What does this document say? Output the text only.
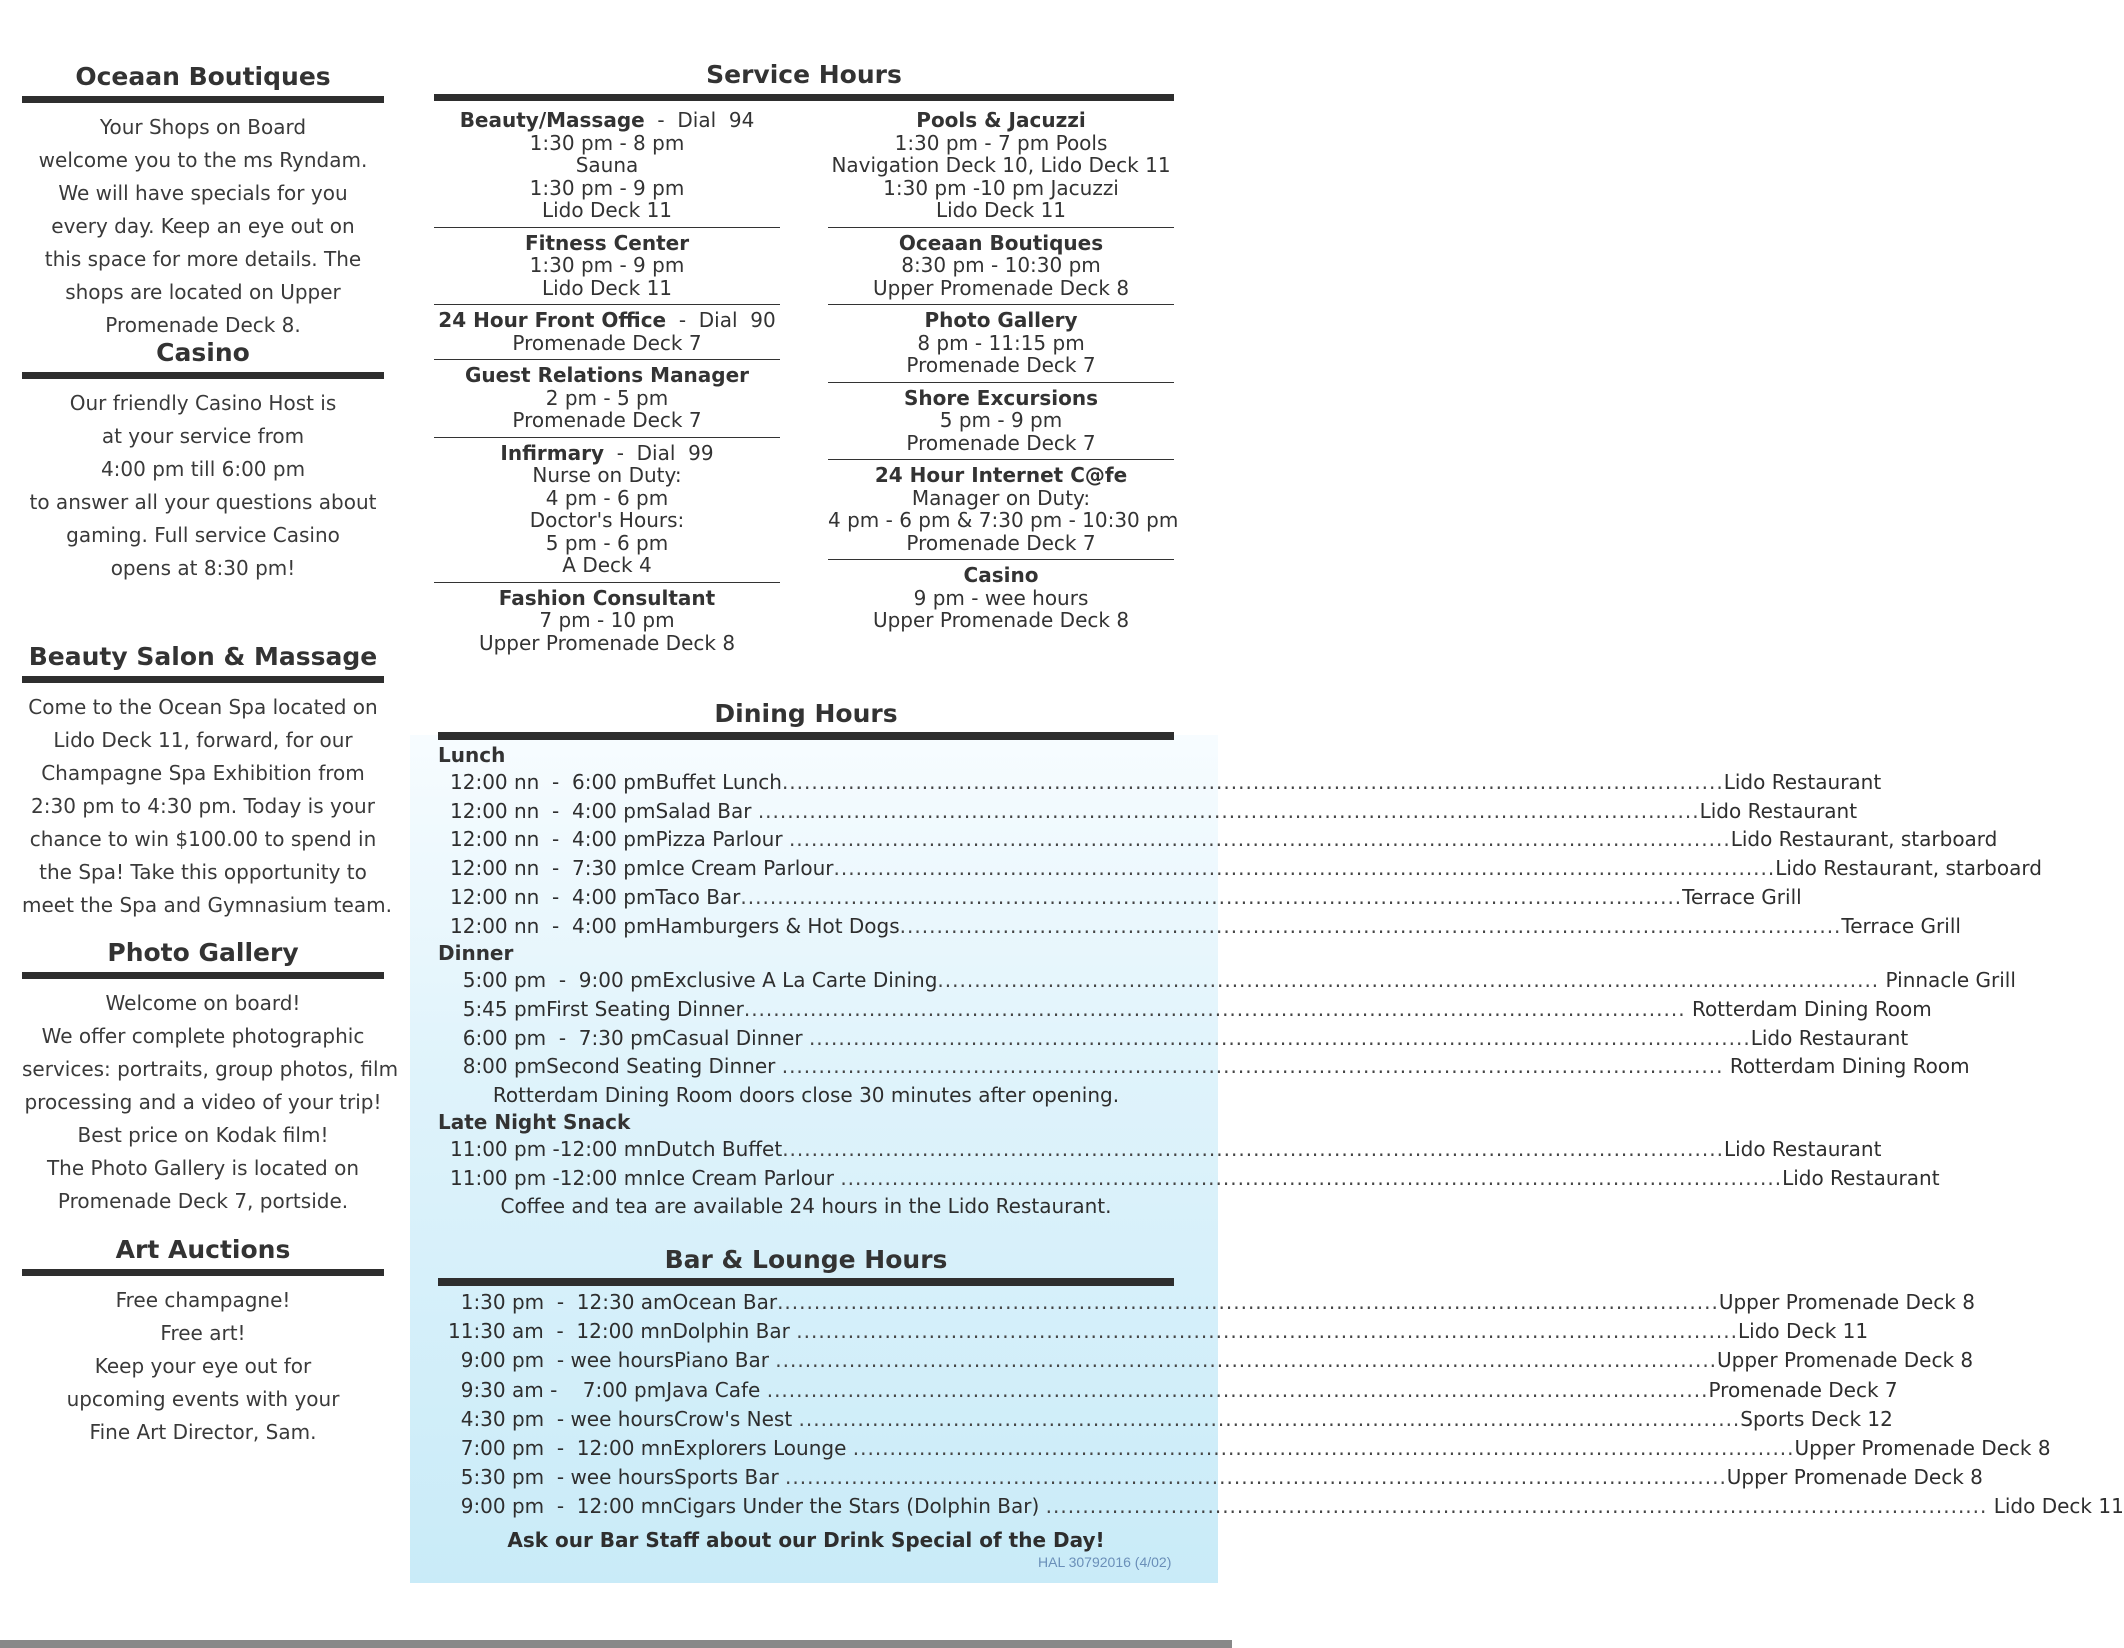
Oceaan Boutiques
Your Shops on Board
welcome you to the ms Ryndam.
We will have specials for you
every day. Keep an eye out on
this space for more details. The
shops are located on Upper
Promenade Deck 8.
Casino
Our friendly Casino Host is
at your service from
4:00 pm till 6:00 pm
to answer all your questions about
gaming. Full service Casino
opens at 8:30 pm!
Beauty Salon & Massage
Come to the Ocean Spa located on
Lido Deck 11, forward, for our
Champagne Spa Exhibition from
2:30 pm to 4:30 pm. Today is your
chance to win $100.00 to spend in
the Spa! Take this opportunity to
meet the Spa and Gymnasium team.
Photo Gallery
Welcome on board!
We offer complete photographic
services: portraits, group photos, film
processing and a video of your trip!
Best price on Kodak film!
The Photo Gallery is located on
Promenade Deck 7, portside.
Art Auctions
Free champagne!
Free art!
Keep your eye out for
upcoming events with your
Fine Art Director, Sam.
Service Hours
Beauty/Massage  -  Dial  94
1:30 pm - 8 pm
Sauna
1:30 pm - 9 pm
Lido Deck 11
Fitness Center
1:30 pm - 9 pm
Lido Deck 11
24 Hour Front Office  -  Dial  90
Promenade Deck 7
Guest Relations Manager
2 pm - 5 pm
Promenade Deck 7
Infirmary  -  Dial  99
Nurse on Duty:
4 pm - 6 pm
Doctor's Hours:
5 pm - 6 pm
A Deck 4
Fashion Consultant
7 pm - 10 pm
Upper Promenade Deck 8
Pools & Jacuzzi
1:30 pm - 7 pm Pools
Navigation Deck 10, Lido Deck 11
1:30 pm -10 pm Jacuzzi
Lido Deck 11
Oceaan Boutiques
8:30 pm - 10:30 pm
Upper Promenade Deck 8
Photo Gallery
8 pm - 11:15 pm
Promenade Deck 7
Shore Excursions
5 pm - 9 pm
Promenade Deck 7
24 Hour Internet C@fe
Manager on Duty:
4 pm - 6 pm & 7:30 pm - 10:30 pm
Promenade Deck 7
Casino
9 pm - wee hours
Upper Promenade Deck 8
Dining Hours
Lunch
12:00 nn  -  6:00 pm Buffet Lunch .....	Lido Restaurant
12:00 nn  -  4:00 pm Salad Bar .....	Lido Restaurant
12:00 nn  -  4:00 pm Pizza Parlour .....	Lido Restaurant, starboard
12:00 nn  -  7:30 pm Ice Cream Parlour .....	Lido Restaurant, starboard
12:00 nn  -  4:00 pm Taco Bar .....	Terrace Grill
12:00 nn  -  4:00 pm Hamburgers & Hot Dogs .....	Terrace Grill
Dinner
5:00 pm  -  9:00 pm Exclusive A La Carte Dining .....	Pinnacle Grill
5:45 pm First Seating Dinner .....	Rotterdam Dining Room
6:00 pm  -  7:30 pm Casual Dinner .....	Lido Restaurant
8:00 pm Second Seating Dinner .....	Rotterdam Dining Room
Rotterdam Dining Room doors close 30 minutes after opening.
Late Night Snack
11:00 pm -12:00 mn Dutch Buffet .....	Lido Restaurant
11:00 pm -12:00 mn Ice Cream Parlour .....	Lido Restaurant
Coffee and tea are available 24 hours in the Lido Restaurant.
Bar & Lounge Hours
1:30 pm  -  12:30 am Ocean Bar .....	Upper Promenade Deck 8
11:30 am  -  12:00 mn Dolphin Bar .....	Lido Deck 11
9:00 pm  - wee hours Piano Bar .....	Upper Promenade Deck 8
9:30 am -    7:00 pm Java Cafe .....	Promenade Deck 7
4:30 pm  - wee hours Crow's Nest .....	Sports Deck 12
7:00 pm  -  12:00 mn Explorers Lounge .....	Upper Promenade Deck 8
5:30 pm  - wee hours Sports Bar .....	Upper Promenade Deck 8
9:00 pm  -  12:00 mn Cigars Under the Stars (Dolphin Bar) .....	Lido Deck 11
Ask our Bar Staff about our Drink Special of the Day!
HAL 30792016 (4/02)
